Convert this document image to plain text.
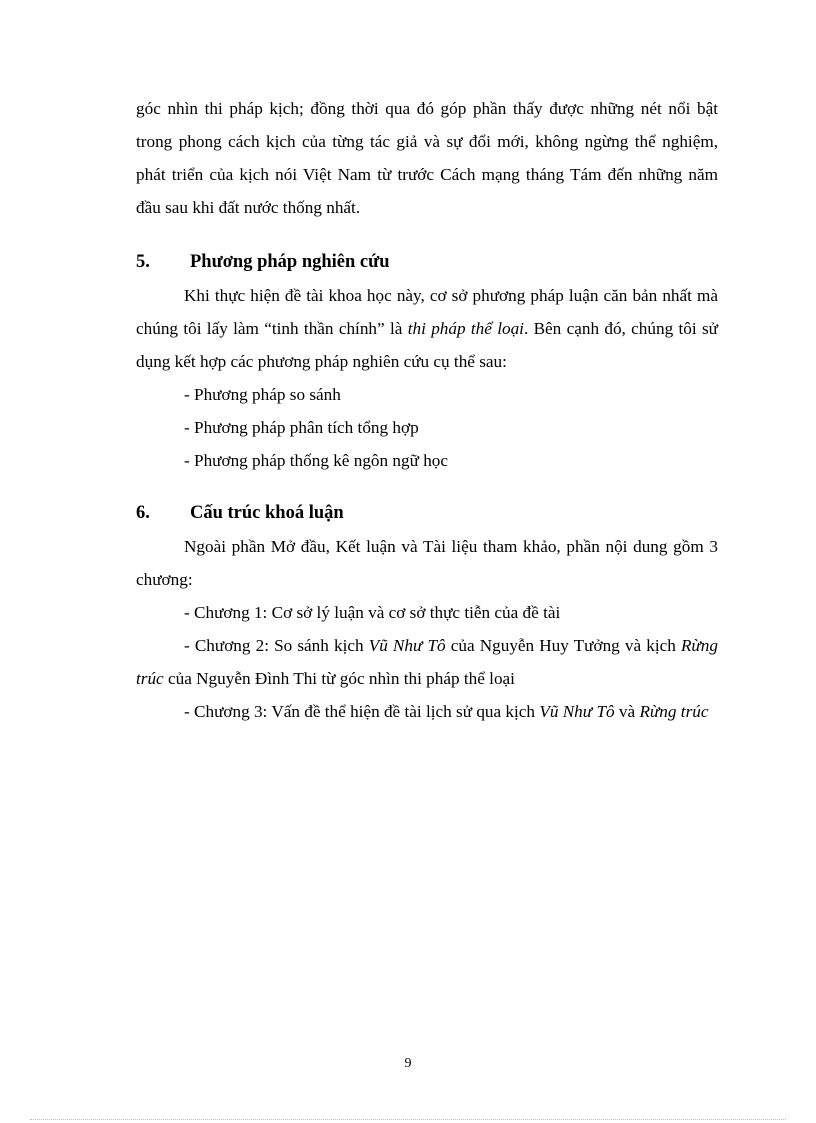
góc nhìn thi pháp kịch; đồng thời qua đó góp phần thấy được những nét nổi bật trong phong cách kịch của từng tác giả và sự đổi mới, không ngừng thể nghiệm, phát triển của kịch nói Việt Nam từ trước Cách mạng tháng Tám đến những năm đầu sau khi đất nước thống nhất.

5.	Phương pháp nghiên cứu

Khi thực hiện đề tài khoa học này, cơ sở phương pháp luận căn bản nhất mà chúng tôi lấy làm “tinh thần chính” là thi pháp thể loại. Bên cạnh đó, chúng tôi sử dụng kết hợp các phương pháp nghiên cứu cụ thể sau:

- Phương pháp so sánh

- Phương pháp phân tích tổng hợp

- Phương pháp thống kê ngôn ngữ học

6.	Cấu trúc khoá luận

Ngoài phần Mở đầu, Kết luận và Tài liệu tham khảo, phần nội dung gồm 3 chương:

- Chương 1: Cơ sở lý luận và cơ sở thực tiễn của đề tài

- Chương 2: So sánh kịch Vũ Như Tô của Nguyễn Huy Tưởng và kịch Rừng trúc của Nguyễn Đình Thi từ góc nhìn thi pháp thể loại

- Chương 3: Vấn đề thể hiện đề tài lịch sử qua kịch Vũ Như Tô và Rừng trúc

9
